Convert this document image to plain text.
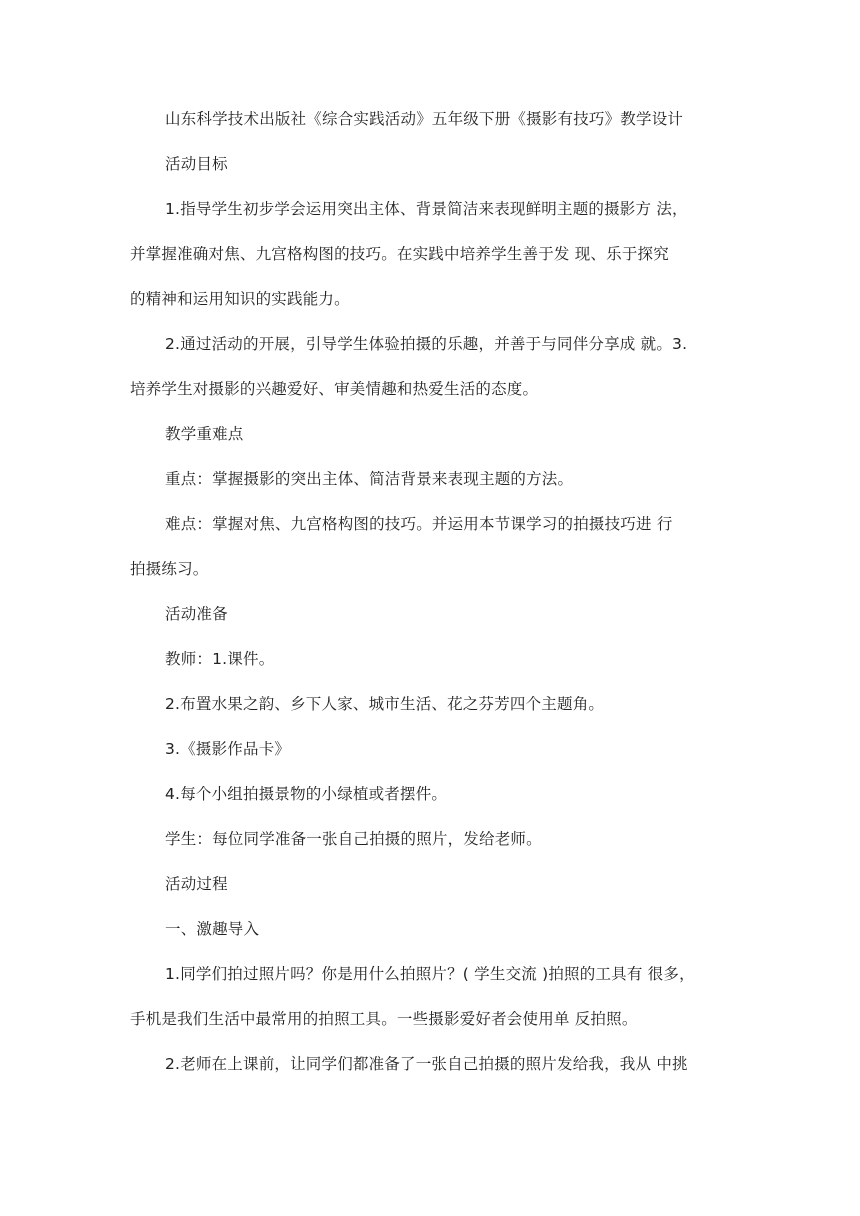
山东科学技术出版社《综合实践活动》五年级下册《摄影有技巧》教学设计
活动目标
1.指导学生初步学会运用突出主体、背景简洁来表现鲜明主题的摄影方 法，
并掌握准确对焦、九宫格构图的技巧。在实践中培养学生善于发 现、乐于探究
的精神和运用知识的实践能力。
2.通过活动的开展，引导学生体验拍摄的乐趣，并善于与同伴分享成 就。3.
培养学生对摄影的兴趣爱好、审美情趣和热爱生活的态度。
教学重难点
重点：掌握摄影的突出主体、简洁背景来表现主题的方法。
难点：掌握对焦、九宫格构图的技巧。并运用本节课学习的拍摄技巧进 行
拍摄练习。
活动准备
教师：1.课件。
2.布置水果之韵、乡下人家、城市生活、花之芬芳四个主题角。
3.《摄影作品卡》
4.每个小组拍摄景物的小绿植或者摆件。
学生：每位同学准备一张自己拍摄的照片，发给老师。
活动过程
一、激趣导入
1.同学们拍过照片吗？你是用什么拍照片？( 学生交流 )拍照的工具有 很多，
手机是我们生活中最常用的拍照工具。一些摄影爱好者会使用单 反拍照。
2.老师在上课前，让同学们都准备了一张自己拍摄的照片发给我，我从 中挑
